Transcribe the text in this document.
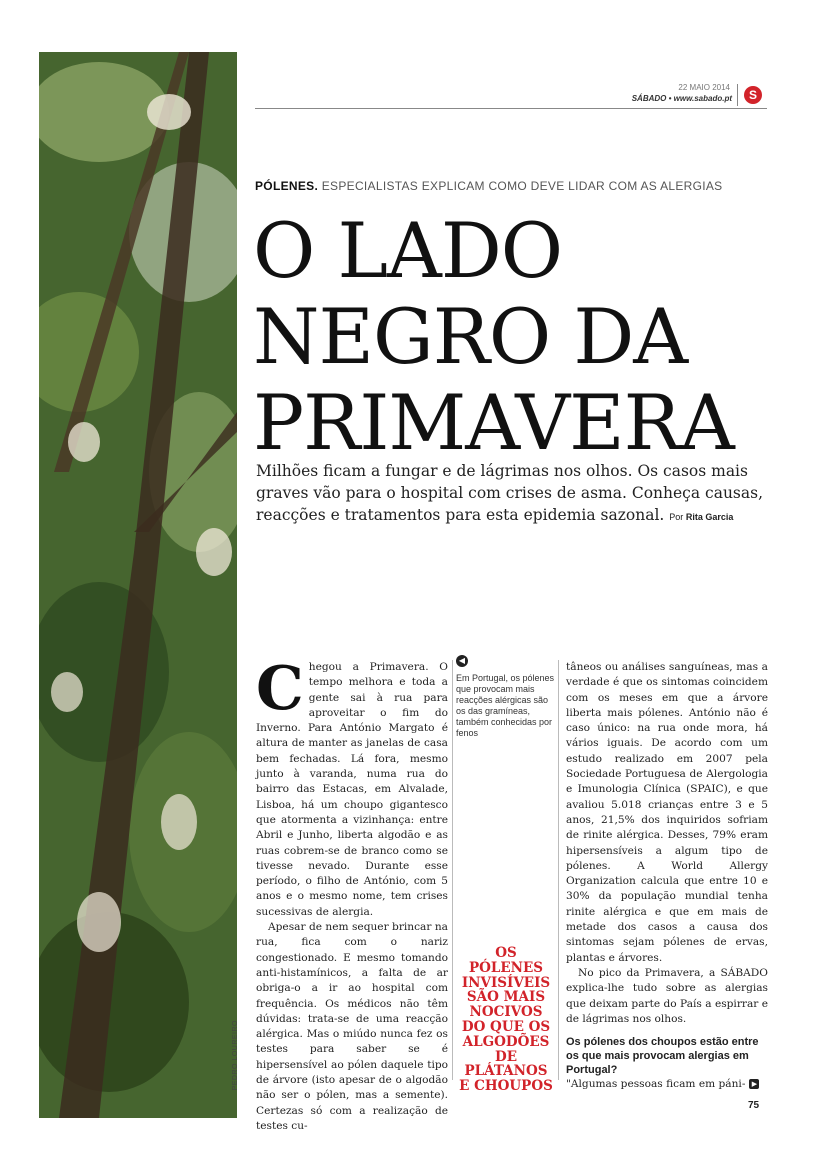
PEDRO LOUREIRO
22 MAIO 2014
SÁBADO • www.sabado.pt	S
PÓLENES. ESPECIALISTAS EXPLICAM COMO DEVE LIDAR COM AS ALERGIAS
O LADO
NEGRO DA
PRIMAVERA
Milhões ficam a fungar e de lágrimas nos olhos. Os casos mais graves vão para o hospital com crises de asma. Conheça causas, reacções e tratamentos para esta epidemia sazonal. Por Rita Garcia

Chegou a Primavera. O tempo melhora e toda a gente sai à rua para aproveitar o fim do Inverno. Para António Margato é altura de manter as janelas de casa bem fechadas. Lá fora, mesmo junto à varanda, numa rua do bairro das Estacas, em Alvalade, Lisboa, há um choupo gigantesco que atormenta a vizinhança: entre Abril e Junho, liberta algodão e as ruas cobrem-se de branco como se tivesse nevado. Durante esse período, o filho de António, com 5 anos e o mesmo nome, tem crises sucessivas de alergia.

Apesar de nem sequer brincar na rua, fica com o nariz congestionado. E mesmo tomando anti-histamínicos, a falta de ar obriga-o a ir ao hospital com frequência. Os médicos não têm dúvidas: trata-se de uma reacção alérgica. Mas o miúdo nunca fez os testes para saber se é hipersensível ao pólen daquele tipo de árvore (isto apesar de o algodão não ser o pólen, mas a semente). Certezas só com a realização de testes cu-

◀
Em Portugal, os pólenes que provocam mais reacções alérgicas são os das gramíneas, também conhecidas por fenos
OS PÓLENES INVISÍVEIS SÃO MAIS NOCIVOS DO QUE OS ALGODÕES DE PLÁTANOS E CHOUPOS

tâneos ou análises sanguíneas, mas a verdade é que os sintomas coincidem com os meses em que a árvore liberta mais pólenes. António não é caso único: na rua onde mora, há vários iguais. De acordo com um estudo realizado em 2007 pela Sociedade Portuguesa de Alergologia e Imunologia Clínica (SPAIC), e que avaliou 5.018 crianças entre 3 e 5 anos, 21,5% dos inquiridos sofriam de rinite alérgica. Desses, 79% eram hipersensíveis a algum tipo de pólenes. A World Allergy Organization calcula que entre 10 e 30% da população mundial tenha rinite alérgica e que em mais de metade dos casos a causa dos sintomas sejam pólenes de ervas, plantas e árvores.

No pico da Primavera, a SÁBADO explica-lhe tudo sobre as alergias que deixam parte do País a espirrar e de lágrimas nos olhos.

Os pólenes dos choupos estão entre os que mais provocam alergias em Portugal?

"Algumas pessoas ficam em páni- ▶

75
